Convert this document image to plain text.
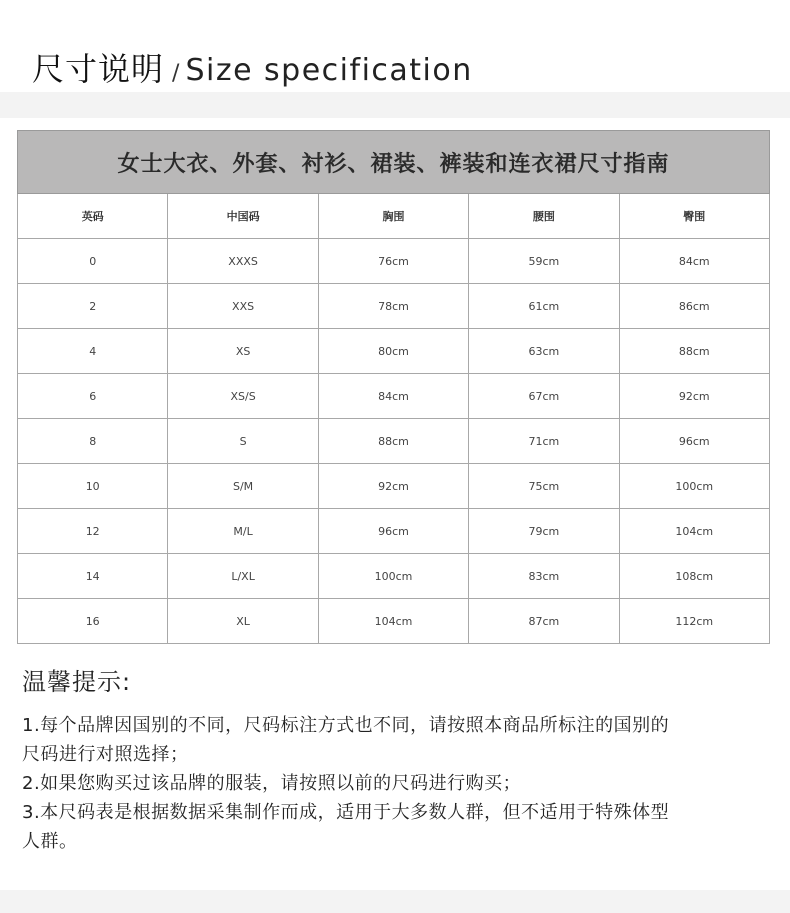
尺寸说明 / Size specification
女士大衣、外套、衬衫、裙装、裤装和连衣裙尺寸指南				
英码	中国码	胸围	腰围	臀围
0	XXXS	76cm	59cm	84cm
2	XXS	78cm	61cm	86cm
4	XS	80cm	63cm	88cm
6	XS/S	84cm	67cm	92cm
8	S	88cm	71cm	96cm
10	S/M	92cm	75cm	100cm
12	M/L	96cm	79cm	104cm
14	L/XL	100cm	83cm	108cm
16	XL	104cm	87cm	112cm
温馨提示:
1.每个品牌因国别的不同，尺码标注方式也不同，请按照本商品所标注的国别的
尺码进行对照选择；
2.如果您购买过该品牌的服装，请按照以前的尺码进行购买；
3.本尺码表是根据数据采集制作而成，适用于大多数人群，但不适用于特殊体型
人群。
